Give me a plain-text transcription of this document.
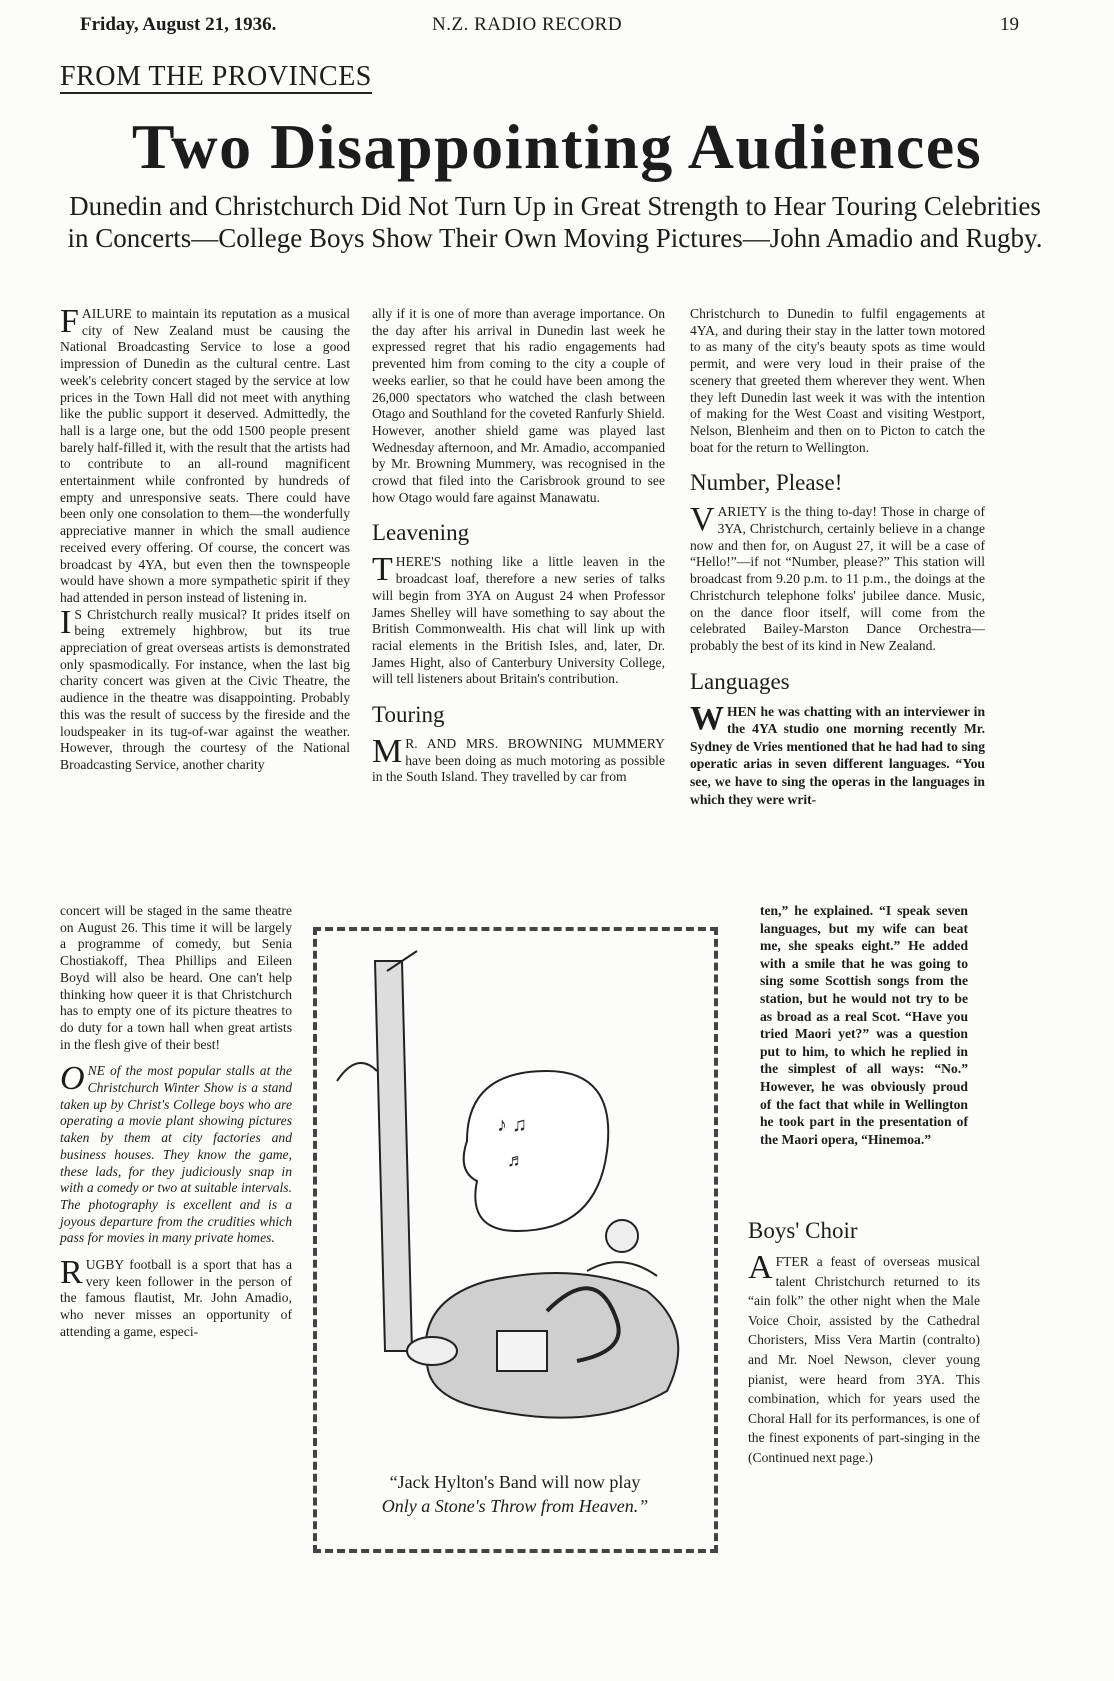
Friday, August 21, 1936.	N.Z. RADIO RECORD	19
FROM THE PROVINCES
Two Disappointing Audiences
Dunedin and Christchurch Did Not Turn Up in Great Strength to Hear Touring Celebrities in Concerts—College Boys Show Their Own Moving Pictures—John Amadio and Rugby.

FAILURE to maintain its reputation as a musical city of New Zealand must be causing the National Broadcasting Service to lose a good impression of Dunedin as the cultural centre. Last week's celebrity concert staged by the service at low prices in the Town Hall did not meet with anything like the public support it deserved. Admittedly, the hall is a large one, but the odd 1500 people present barely half-filled it, with the result that the artists had to contribute to an all-round magnificent entertainment while confronted by hundreds of empty and unresponsive seats. There could have been only one consolation to them—the wonderfully appreciative manner in which the small audience received every offering. Of course, the concert was broadcast by 4YA, but even then the townspeople would have shown a more sympathetic spirit if they had attended in person instead of listening in.

I S Christchurch really musical? It prides itself on being extremely highbrow, but its true appreciation of great overseas artists is demonstrated only spasmodically. For instance, when the last big charity concert was given at the Civic Theatre, the audience in the theatre was disappointing. Probably this was the result of success by the fireside and the loudspeaker in its tug-of-war against the weather. However, through the courtesy of the National Broadcasting Service, another charity

concert will be staged in the same theatre on August 26. This time it will be largely a programme of comedy, but Senia Chostiakoff, Thea Phillips and Eileen Boyd will also be heard. One can't help thinking how queer it is that Christchurch has to empty one of its picture theatres to do duty for a town hall when great artists in the flesh give of their best!

ONE of the most popular stalls at the Christchurch Winter Show is a stand taken up by Christ's College boys who are operating a movie plant showing pictures taken by them at city factories and business houses. They know the game, these lads, for they judiciously snap in with a comedy or two at suitable intervals. The photography is excellent and is a joyous departure from the crudities which pass for movies in many private homes.

RUGBY football is a sport that has a very keen follower in the person of the famous flautist, Mr. John Amadio, who never misses an opportunity of attending a game, especi-

ally if it is one of more than average importance. On the day after his arrival in Dunedin last week he expressed regret that his radio engagements had prevented him from coming to the city a couple of weeks earlier, so that he could have been among the 26,000 spectators who watched the clash between Otago and Southland for the coveted Ranfurly Shield. However, another shield game was played last Wednesday afternoon, and Mr. Amadio, accompanied by Mr. Browning Mummery, was recognised in the crowd that filed into the Carisbrook ground to see how Otago would fare against Manawatu.

Leavening

THERE'S nothing like a little leaven in the broadcast loaf, therefore a new series of talks will begin from 3YA on August 24 when Professor James Shelley will have something to say about the British Commonwealth. His chat will link up with racial elements in the British Isles, and, later, Dr. James Hight, also of Canterbury University College, will tell listeners about Britain's contribution.

Touring

M R. AND MRS. BROWNING MUMMERY have been doing as much motoring as possible in the South Island. They travelled by car from

Christchurch to Dunedin to fulfil engagements at 4YA, and during their stay in the latter town motored to as many of the city's beauty spots as time would permit, and were very loud in their praise of the scenery that greeted them wherever they went. When they left Dunedin last week it was with the intention of making for the West Coast and visiting Westport, Nelson, Blenheim and then on to Picton to catch the boat for the return to Wellington.

Number, Please!

VARIETY is the thing to-day! Those in charge of 3YA, Christchurch, certainly believe in a change now and then for, on August 27, it will be a case of “Hello!”—if not “Number, please?” This station will broadcast from 9.20 p.m. to 11 p.m., the doings at the Christchurch telephone folks' jubilee dance. Music, on the dance floor itself, will come from the celebrated Bailey-Marston Dance Orchestra—probably the best of its kind in New Zealand.

Languages

WHEN he was chatting with an interviewer in the 4YA studio one morning recently Mr. Sydney de Vries mentioned that he had had to sing operatic arias in seven different languages. “You see, we have to sing the operas in the languages in which they were writ-

ten,” he explained. “I speak seven languages, but my wife can beat me, she speaks eight.” He added with a smile that he was going to sing some Scottish songs from the station, but he would not try to be as broad as a real Scot. “Have you tried Maori yet?” was a question put to him, to which he replied in the simplest of all ways: “No.” However, he was obviously proud of the fact that while in Wellington he took part in the presentation of the Maori opera, “Hinemoa.”

Boys' Choir

AFTER a feast of overseas musical talent Christchurch returned to its “ain folk” the other night when the Male Voice Choir, assisted by the Cathedral Choristers, Miss Vera Martin (contralto) and Mr. Noel Newson, clever young pianist, were heard from 3YA. This combination, which for years used the Choral Hall for its performances, is one of the finest exponents of part-singing in the (Continued next page.)

♪ ♫
♬
“Jack Hylton's Band will now play
Only a Stone's Throw from Heaven.”
